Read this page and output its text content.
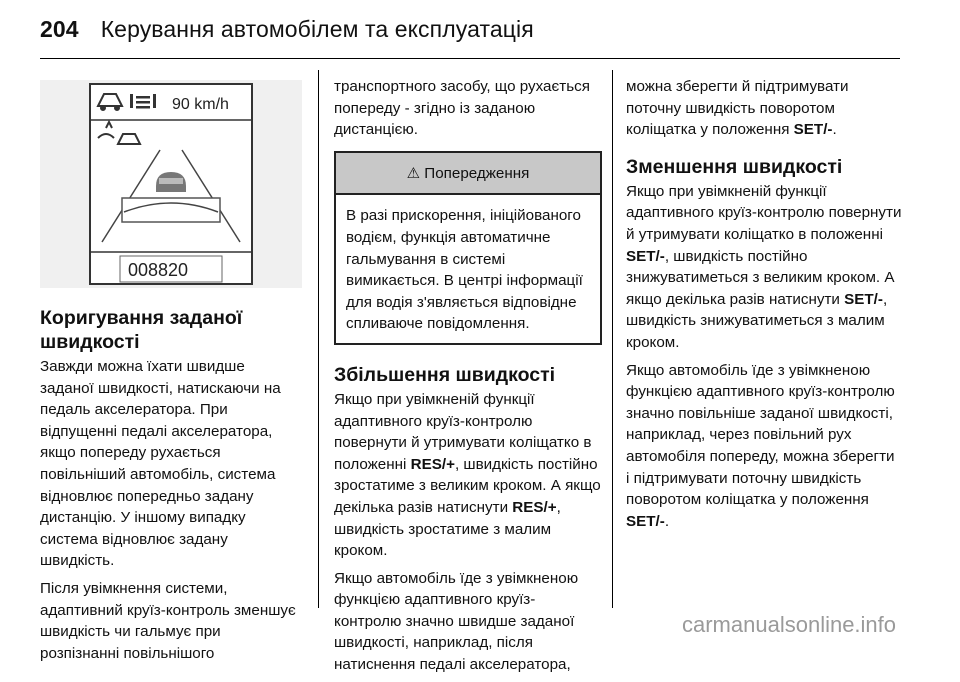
204 Керування автомобілем та експлуатація
90 km/h
008820
Коригування заданої швидкості

Завжди можна їхати швидше заданої швидкості, натискаючи на педаль акселератора. При відпущенні педалі акселератора, якщо попереду рухається повільніший автомобіль, система відновлює попередньо задану дистанцію. У іншому випадку система відновлює задану швидкість.

Після увімкнення системи, адаптивний круїз-контроль зменшує швидкість чи гальмує при розпізнанні повільнішого

транспортного засобу, що рухається попереду - згідно із заданою дистанцією.

⚠ Попередження
В разі прискорення, ініційованого водієм, функція автоматичне гальмування в системі вимикається. В центрі інформації для водія з'являється відповідне спливаюче повідомлення.
Збільшення швидкості

Якщо при увімкненій функції адаптивного круїз-контролю повернути й утримувати коліщатко в положенні RES/+, швидкість постійно зростатиме з великим кроком. А якщо декілька разів натиснути RES/+, швидкість зростатиме з малим кроком.

Якщо автомобіль їде з увімкненою функцією адаптивного круїз-контролю значно швидше заданої швидкості, наприклад, після натиснення педалі акселератора,

можна зберегти й підтримувати поточну швидкість поворотом коліщатка у положення SET/-.

Зменшення швидкості

Якщо при увімкненій функції адаптивного круїз-контролю повернути й утримувати коліщатко в положенні SET/-, швидкість постійно знижуватиметься з великим кроком. А якщо декілька разів натиснути SET/-, швидкість знижуватиметься з малим кроком.

Якщо автомобіль їде з увімкненою функцією адаптивного круїз-контролю значно повільніше заданої швидкості, наприклад, через повільний рух автомобіля попереду, можна зберегти і підтримувати поточну швидкість поворотом коліщатка у положення SET/-.

carmanualsonline.info
